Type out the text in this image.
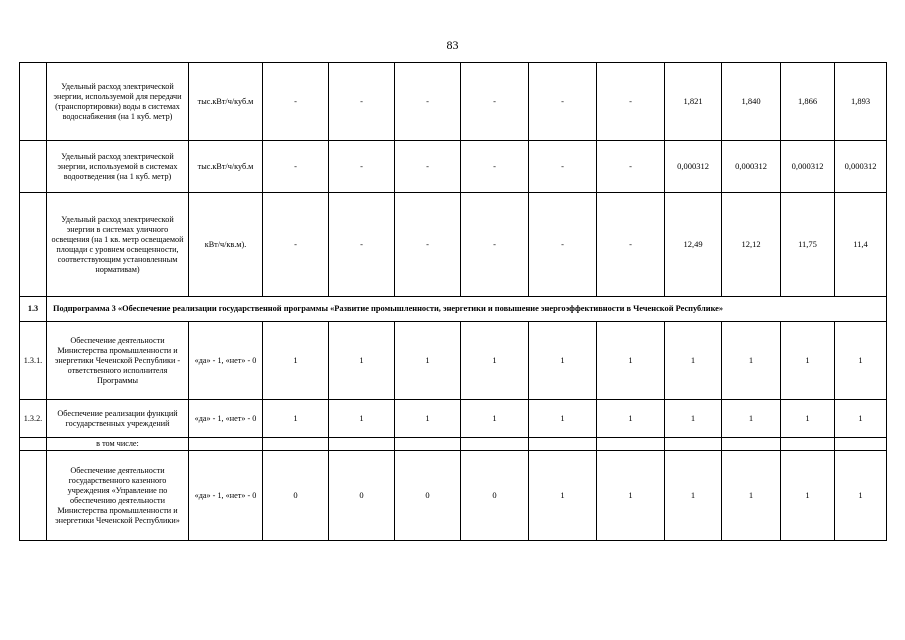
83
	Удельный расход электрической энергии, используемой для передачи (транспортировки) воды в системах водоснабжения (на 1 куб. метр)	тыс.кВт/ч/куб.м	-	-	-	-	-	-	1,821	1,840	1,866	1,893
	Удельный расход электрической энергии, используемой в системах водоотведения (на 1 куб. метр)	тыс.кВт/ч/куб.м	-	-	-	-	-	-	0,000312	0,000312	0,000312	0,000312
	Удельный расход электрической энергии в системах уличного освещения (на 1 кв. метр освещаемой площади с уровнем освещенности, соответствующим установленным нормативам)	кВт/ч/кв.м).	-	-	-	-	-	-	12,49	12,12	11,75	11,4
1.3	Подпрограмма 3 «Обеспечение реализации государственной программы «Развитие промышленности, энергетики и повышение энергоэффективности в Чеченской Республике»											
1.3.1.	Обеспечение деятельности Министерства промышленности и энергетики Чеченской Республики - ответственного исполнителя Программы	«да» - 1, «нет» - 0	1	1	1	1	1	1	1	1	1	1
1.3.2.	Обеспечение реализации функций государственных учреждений	«да» - 1, «нет» - 0	1	1	1	1	1	1	1	1	1	1
	в том числе:											
	Обеспечение деятельности государственного казенного учреждения «Управление по обеспечению деятельности Министерства промышленности и энергетики Чеченской Республики»	«да» - 1, «нет» - 0	0	0	0	0	1	1	1	1	1	1
